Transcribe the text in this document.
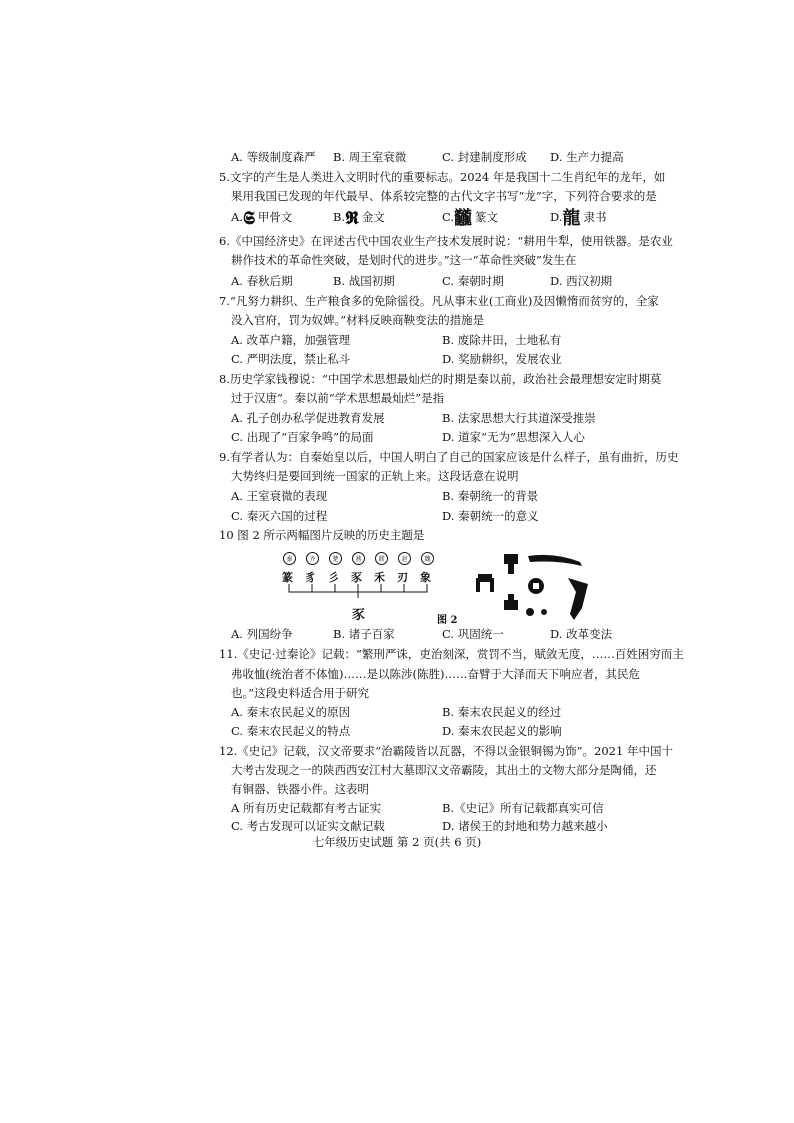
A. 等级制度森严 B. 周王室衰微	C. 封建制度形成 D. 生产力提高
5.文字的产生是人类进入文明时代的重要标志。2024 年是我国十二生肖纪年的龙年，如
果用我国已发现的年代最早、体系较完整的古代文字书写“龙”字，下列符合要求的是
A.𝕾 甲骨文	B.𝕽 金文	C.龖 篆文	D.龍 隶书
6.《中国经济史》在评述古代中国农业生产技术发展时说：“耕用牛犁，使用铁器。是农业
耕作技术的革命性突破，是划时代的进步。”这一“革命性突破”发生在
A. 春秋后期	B. 战国初期	C. 秦朝时期	D. 西汉初期
7.“凡努力耕织、生产粮食多的免除徭役。凡从事末业(工商业)及因懒惰而贫穷的，全家
没入官府，罚为奴婢。”材料反映商鞅变法的措施是
A. 改革户籍，加强管理	B. 废除井田，土地私有
C. 严明法度，禁止私斗	D. 奖励耕织，发展农业
8.历史学家钱穆说：“中国学术思想最灿烂的时期是秦以前，政治社会最理想安定时期莫
过于汉唐”。秦以前“学术思想最灿烂”是指
A. 孔子创办私学促进教育发展	B. 法家思想大行其道深受推崇
C. 出现了“百家争鸣”的局面	D. 道家“无为”思想深入人心
9.有学者认为：自秦始皇以后，中国人明白了自己的国家应该是什么样子，虽有曲折，历史
大势终归是要回到统一国家的正轨上来。这段话意在说明
A. 王室衰微的表现	B. 秦朝统一的背景
C. 秦灭六国的过程	D. 秦朝统一的意义
10 图 2 所示两幅图片反映的历史主题是
秦	齐	楚	燕	韩	赵	魏
篆 豸 彡 豕 禾 刃 象
豕	图 2
A. 列国纷争	B. 诸子百家	C. 巩固统一	D. 改革变法
11.《史记·过秦论》记载：“繁刑严诛，吏治刻深，赏罚不当，赋敛无度，……百姓困穷而主
弗收恤(统治者不体恤)……是以陈涉(陈胜)……奋臂于大泽而天下响应者，其民危
也。”这段史料适合用于研究
A. 秦末农民起义的原因	B. 秦末农民起义的经过
C. 秦末农民起义的特点	D. 秦末农民起义的影响
12.《史记》记载，汉文帝要求“治霸陵皆以瓦器，不得以金银铜锡为饰”。2021 年中国十
大考古发现之一的陕西西安江村大墓即汉文帝霸陵，其出土的文物大部分是陶俑，还
有铜器、铁器小件。这表明
A 所有历史记载都有考古证实	B.《史记》所有记载都真实可信
C. 考古发现可以证实文献记载	D. 诸侯王的封地和势力越来越小
七年级历史试题 第 2 页(共 6 页)
